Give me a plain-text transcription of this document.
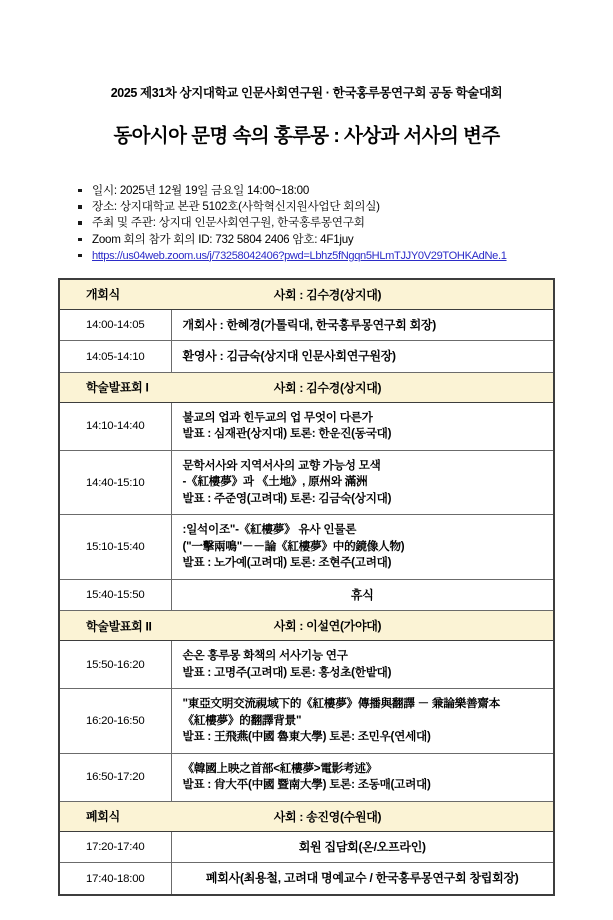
2025 제31차 상지대학교 인문사회연구원 · 한국홍루몽연구회 공동 학술대회
동아시아 문명 속의 홍루몽 : 사상과 서사의 변주
일시: 2025년 12월 19일 금요일 14:00~18:00
장소: 상지대학교 본관 5102호(사학혁신지원사업단 회의실)
주최 및 주관: 상지대 인문사회연구원, 한국홍루몽연구회
Zoom 회의 참가 회의 ID: 732 5804 2406 암호: 4F1juy
https://us04web.zoom.us/j/73258042406?pwd=Lbhz5fNgqn5HLmTJJY0V29TOHKAdNe.1
개회식 사회 : 김수경(상지대)	

14:00-14:05	개회사 : 한혜경(가톨릭대, 한국홍루몽연구회 회장)

14:05-14:10	환영사 : 김금숙(상지대 인문사회연구원장)

학술발표회 I 사회 : 김수경(상지대)	

14:10-14:40	불교의 업과 힌두교의 업 무엇이 다른가
발표 : 심재관(상지대) 토론: 한운진(동국대)

14:40-15:10	문학서사와 지역서사의 교향 가능성 모색
-《紅樓夢》과 《土地》, 原州와 滿洲
발표 : 주준영(고려대) 토론: 김금숙(상지대)

15:10-15:40	:일석이조"-《紅樓夢》 유사 인물론
("一擊兩鳴"－－論《紅樓夢》中的鏡像人物)
발표 : 노가예(고려대) 토론: 조현주(고려대)

15:40-15:50	휴식

학술발표회 II 사회 : 이설연(가야대)	

15:50-16:20	손온 홍루몽 화책의 서사기능 연구
발표 : 고명주(고려대) 토론: 홍성초(한밭대)

16:20-16:50	"東亞文明交流視域下的《紅樓夢》傳播與翻譯 － 兼論樂善齋本
《紅樓夢》的翻譯背景"
발표 : 王飛燕(中國 魯東大學) 토론: 조민우(연세대)

16:50-17:20	《韓國上映之首部<紅樓夢>電影考述》
발표 : 肖大平(中國 暨南大學) 토론: 조동매(고려대)

폐회식 사회 : 송진영(수원대)	

17:20-17:40	회원 집담회(온/오프라인)

17:40-18:00	폐회사(최용철, 고려대 명예교수 / 한국홍루몽연구회 창립회장)
